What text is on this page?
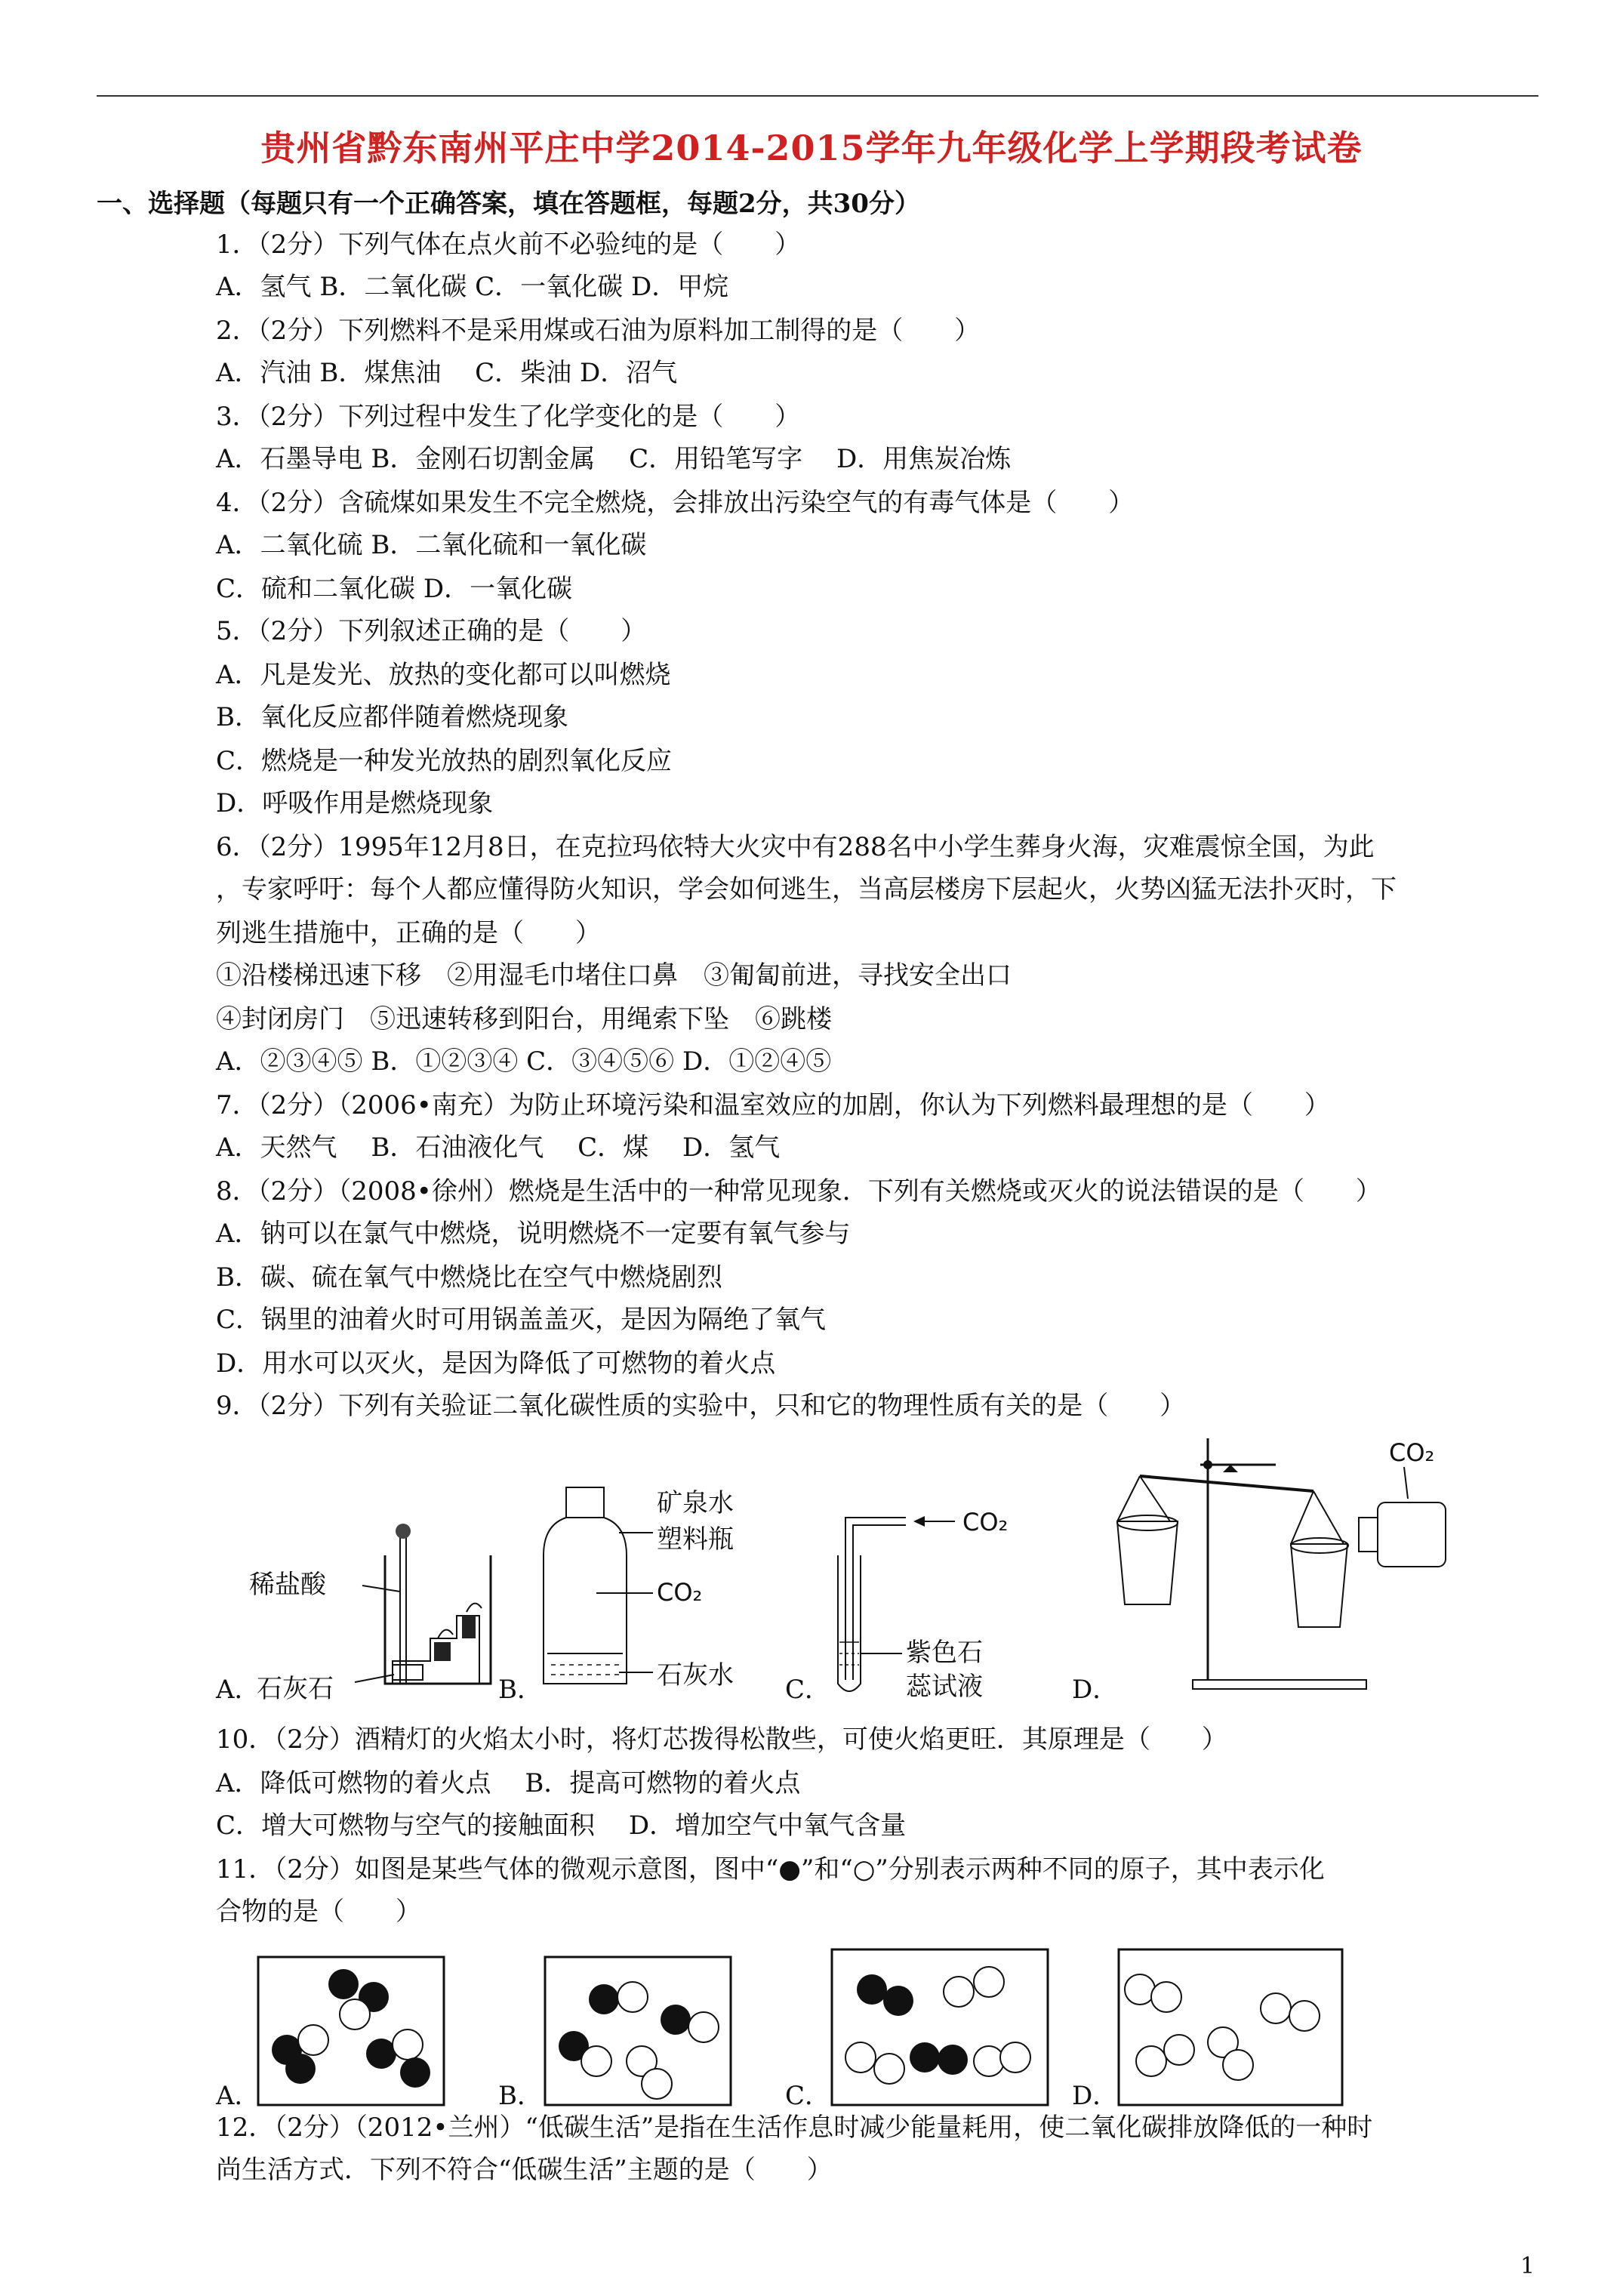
贵州省黔东南州平庄中学2014-2015学年九年级化学上学期段考试卷
一、选择题（每题只有一个正确答案，填在答题框，每题2分，共30分）
1．（2分）下列气体在点火前不必验纯的是（　　）
A．氢气 B．二氧化碳 C．一氧化碳 D．甲烷
2．（2分）下列燃料不是采用煤或石油为原料加工制得的是（　　）
A．汽油 B．煤焦油　 C．柴油 D．沼气
3．（2分）下列过程中发生了化学变化的是（　　）
A．石墨导电 B．金刚石切割金属　 C．用铅笔写字　 D．用焦炭冶炼
4．（2分）含硫煤如果发生不完全燃烧，会排放出污染空气的有毒气体是（　　）
A．二氧化硫 B．二氧化硫和一氧化碳
C．硫和二氧化碳 D．一氧化碳
5．（2分）下列叙述正确的是（　　）
A．凡是发光、放热的变化都可以叫燃烧
B．氧化反应都伴随着燃烧现象
C．燃烧是一种发光放热的剧烈氧化反应
D．呼吸作用是燃烧现象
6．（2分）1995年12月8日，在克拉玛依特大火灾中有288名中小学生葬身火海，灾难震惊全国，为此
，专家呼吁：每个人都应懂得防火知识，学会如何逃生，当高层楼房下层起火，火势凶猛无法扑灭时，下
列逃生措施中，正确的是（　　）
①沿楼梯迅速下移　②用湿毛巾堵住口鼻　③匍匐前进，寻找安全出口
④封闭房门　⑤迅速转移到阳台，用绳索下坠　⑥跳楼
A．②③④⑤ B．①②③④ C．③④⑤⑥ D．①②④⑤
7．（2分）（2006•南充）为防止环境污染和温室效应的加剧，你认为下列燃料最理想的是（　　）
A．天然气　 B．石油液化气　 C．煤　 D．氢气
8．（2分）（2008•徐州）燃烧是生活中的一种常见现象．下列有关燃烧或灭火的说法错误的是（　　）
A．钠可以在氯气中燃烧，说明燃烧不一定要有氧气参与
B．碳、硫在氧气中燃烧比在空气中燃烧剧烈
C．锅里的油着火时可用锅盖盖灭，是因为隔绝了氧气
D．用水可以灭火，是因为降低了可燃物的着火点
9．（2分）下列有关验证二氧化碳性质的实验中，只和它的物理性质有关的是（　　）
A．	B．	C．	D．
稀盐酸
石灰石
矿泉水
塑料瓶
CO₂
石灰水
CO₂
紫色石
蕊试液
CO₂
10．（2分）酒精灯的火焰太小时，将灯芯拨得松散些，可使火焰更旺．其原理是（　　）
A．降低可燃物的着火点　 B．提高可燃物的着火点
C．增大可燃物与空气的接触面积　 D．增加空气中氧气含量
11．（2分）如图是某些气体的微观示意图，图中“●”和“○”分别表示两种不同的原子，其中表示化
合物的是（　　）
A．	B．	C．	D．
12．（2分）（2012•兰州）“低碳生活”是指在生活作息时减少能量耗用，使二氧化碳排放降低的一种时
尚生活方式．下列不符合“低碳生活”主题的是（　　）
1
